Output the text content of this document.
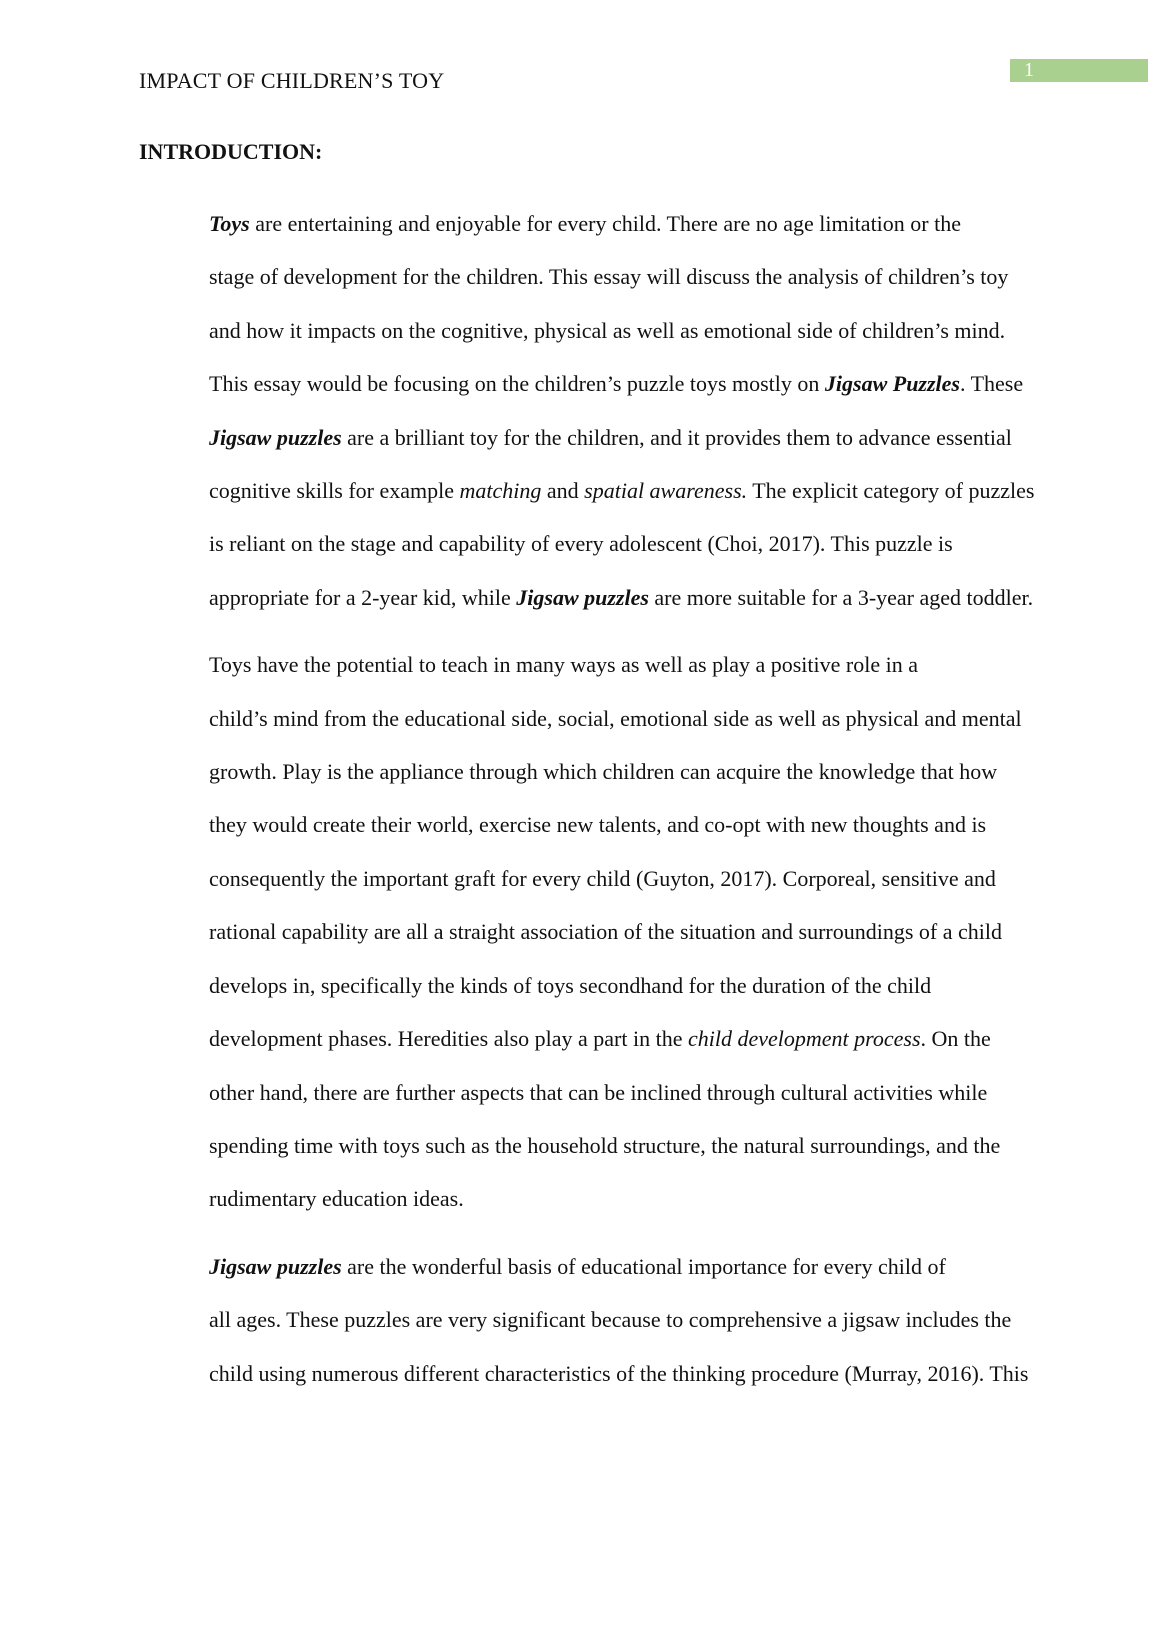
1
IMPACT OF CHILDREN’S TOY
INTRODUCTION:

Toys are entertaining and enjoyable for every child. There are no age limitation or the
stage of development for the children. This essay will discuss the analysis of children’s toy
and how it impacts on the cognitive, physical as well as emotional side of children’s mind.
This essay would be focusing on the children’s puzzle toys mostly on Jigsaw Puzzles. These
Jigsaw puzzles are a brilliant toy for the children, and it provides them to advance essential
cognitive skills for example matching and spatial awareness. The explicit category of puzzles
is reliant on the stage and capability of every adolescent (Choi, 2017). This puzzle is
appropriate for a 2-year kid, while Jigsaw puzzles are more suitable for a 3-year aged toddler.

Toys have the potential to teach in many ways as well as play a positive role in a
child’s mind from the educational side, social, emotional side as well as physical and mental
growth. Play is the appliance through which children can acquire the knowledge that how
they would create their world, exercise new talents, and co-opt with new thoughts and is
consequently the important graft for every child (Guyton, 2017). Corporeal, sensitive and
rational capability are all a straight association of the situation and surroundings of a child
develops in, specifically the kinds of toys secondhand for the duration of the child
development phases. Heredities also play a part in the child development process. On the
other hand, there are further aspects that can be inclined through cultural activities while
spending time with toys such as the household structure, the natural surroundings, and the
rudimentary education ideas.

Jigsaw puzzles are the wonderful basis of educational importance for every child of
all ages. These puzzles are very significant because to comprehensive a jigsaw includes the
child using numerous different characteristics of the thinking procedure (Murray, 2016). This
